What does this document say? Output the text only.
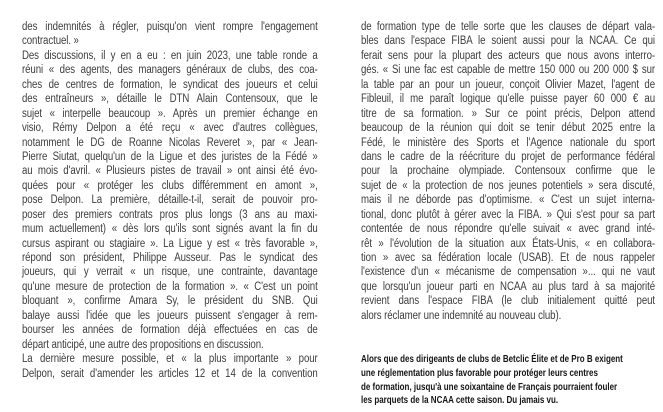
des indemnités à régler, puisqu'on vient rompre l'engagement
contractuel. »
Des discussions, il y en a eu : en juin 2023, une table ronde a
réuni « des agents, des managers généraux de clubs, des coa-
ches de centres de formation, le syndicat des joueurs et celui
des entraîneurs », détaille le DTN Alain Contensoux, que le
sujet « interpelle beaucoup ». Après un premier échange en
visio, Rémy Delpon a été reçu « avec d'autres collègues,
notamment le DG de Roanne Nicolas Reveret », par « Jean-
Pierre Siutat, quelqu'un de la Ligue et des juristes de la Fédé »
au mois d'avril. « Plusieurs pistes de travail » ont ainsi été évo-
quées pour « protéger les clubs différemment en amont »,
pose Delpon. La première, détaille-t-il, serait de pouvoir pro-
poser des premiers contrats pros plus longs (3 ans au maxi-
mum actuellement) « dès lors qu'ils sont signés avant la fin du
cursus aspirant ou stagiaire ». La Ligue y est « très favorable »,
répond son président, Philippe Ausseur. Pas le syndicat des
joueurs, qui y verrait « un risque, une contrainte, davantage
qu'une mesure de protection de la formation ». « C'est un point
bloquant », confirme Amara Sy, le président du SNB. Qui
balaye aussi l'idée que les joueurs puissent s'engager à rem-
bourser les années de formation déjà effectuées en cas de
départ anticipé, une autre des propositions en discussion.
La dernière mesure possible, et « la plus importante » pour
Delpon, serait d'amender les articles 12 et 14 de la convention
de formation type de telle sorte que les clauses de départ vala-
bles dans l'espace FIBA le soient aussi pour la NCAA. Ce qui
ferait sens pour la plupart des acteurs que nous avons interro-
gés. « Si une fac est capable de mettre 150 000 ou 200 000 $ sur
la table par an pour un joueur, conçoit Olivier Mazet, l'agent de
Fibleuil, il me paraît logique qu'elle puisse payer 60 000 € au
titre de sa formation. » Sur ce point précis, Delpon attend
beaucoup de la réunion qui doit se tenir début 2025 entre la
Fédé, le ministère des Sports et l'Agence nationale du sport
dans le cadre de la réécriture du projet de performance fédéral
pour la prochaine olympiade. Contensoux confirme que le
sujet de « la protection de nos jeunes potentiels » sera discuté,
mais il ne déborde pas d'optimisme. « C'est un sujet interna-
tional, donc plutôt à gérer avec la FIBA. » Qui s'est pour sa part
contentée de nous répondre qu'elle suivait « avec grand inté-
rêt » l'évolution de la situation aux États-Unis, « en collabora-
tion » avec sa fédération locale (USAB). Et de nous rappeler
l'existence d'un « mécanisme de compensation »... qui ne vaut
que lorsqu'un joueur parti en NCAA au plus tard à sa majorité
revient dans l'espace FIBA (le club initialement quitté peut
alors réclamer une indemnité au nouveau club).
Alors que des dirigeants de clubs de Betclic Élite et de Pro B exigent
une réglementation plus favorable pour protéger leurs centres
de formation, jusqu'à une soixantaine de Français pourraient fouler
les parquets de la NCAA cette saison. Du jamais vu.
